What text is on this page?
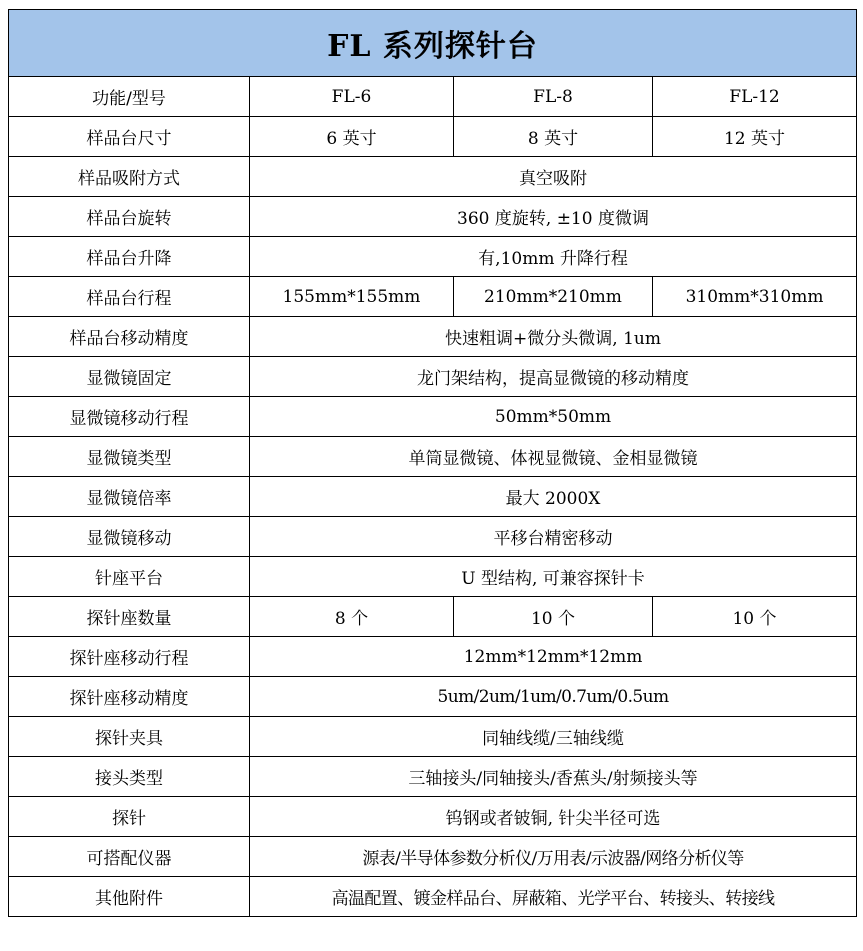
FL 系列探针台			
功能/型号	FL-6	FL-8	FL-12
样品台尺寸	6 英寸	8 英寸	12 英寸
样品吸附方式	真空吸附		
样品台旋转	360 度旋转, ±10 度微调		
样品台升降	有,10mm 升降行程		
样品台行程	155mm*155mm	210mm*210mm	310mm*310mm
样品台移动精度	快速粗调+微分头微调, 1um		
显微镜固定	龙门架结构，提高显微镜的移动精度		
显微镜移动行程	50mm*50mm		
显微镜类型	单筒显微镜、体视显微镜、金相显微镜		
显微镜倍率	最大 2000X		
显微镜移动	平移台精密移动		
针座平台	U 型结构, 可兼容探针卡		
探针座数量	8 个	10 个	10 个
探针座移动行程	12mm*12mm*12mm		
探针座移动精度	5um/2um/1um/0.7um/0.5um		
探针夹具	同轴线缆/三轴线缆		
接头类型	三轴接头/同轴接头/香蕉头/射频接头等		
探针	钨钢或者铍铜, 针尖半径可选		
可搭配仪器	源表/半导体参数分析仪/万用表/示波器/网络分析仪等		
其他附件	高温配置、镀金样品台、屏蔽箱、光学平台、转接头、转接线		
